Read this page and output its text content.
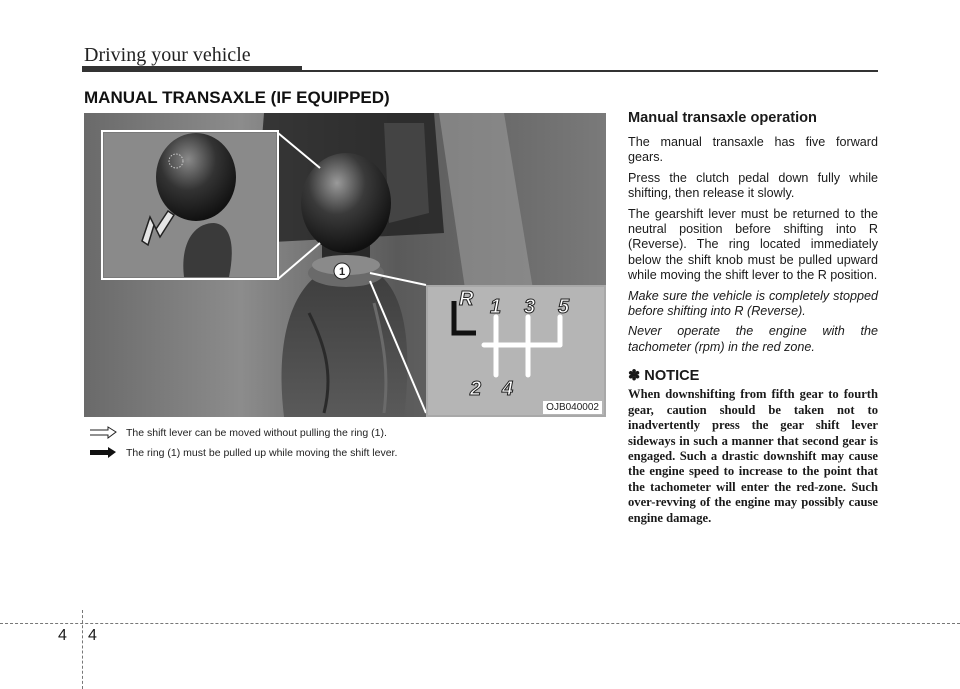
Driving your vehicle
MANUAL TRANSAXLE (IF EQUIPPED)
1
R 1 3 5
2 4
OJB040002
The shift lever can be moved without pulling the ring (1).
The ring (1) must be pulled up while moving the shift lever.
Manual transaxle operation

The manual transaxle has five forward gears.

Press the clutch pedal down fully while shifting, then release it slowly.

The gearshift lever must be returned to the neutral position before shifting into R (Reverse). The ring located immediately below the shift knob must be pulled upward while moving the shift lever to the R position.

Make sure the vehicle is completely stopped before shifting into R (Reverse).

Never operate the engine with the tachometer (rpm) in the red zone.

✽ NOTICE

When downshifting from fifth gear to fourth gear, caution should be taken not to inadvertently press the gear shift lever sideways in such a manner that second gear is engaged. Such a drastic downshift may cause the engine speed to increase to the point that the tachometer will enter the red-zone. Such over-revving of the engine may possibly cause engine damage.

4 4
